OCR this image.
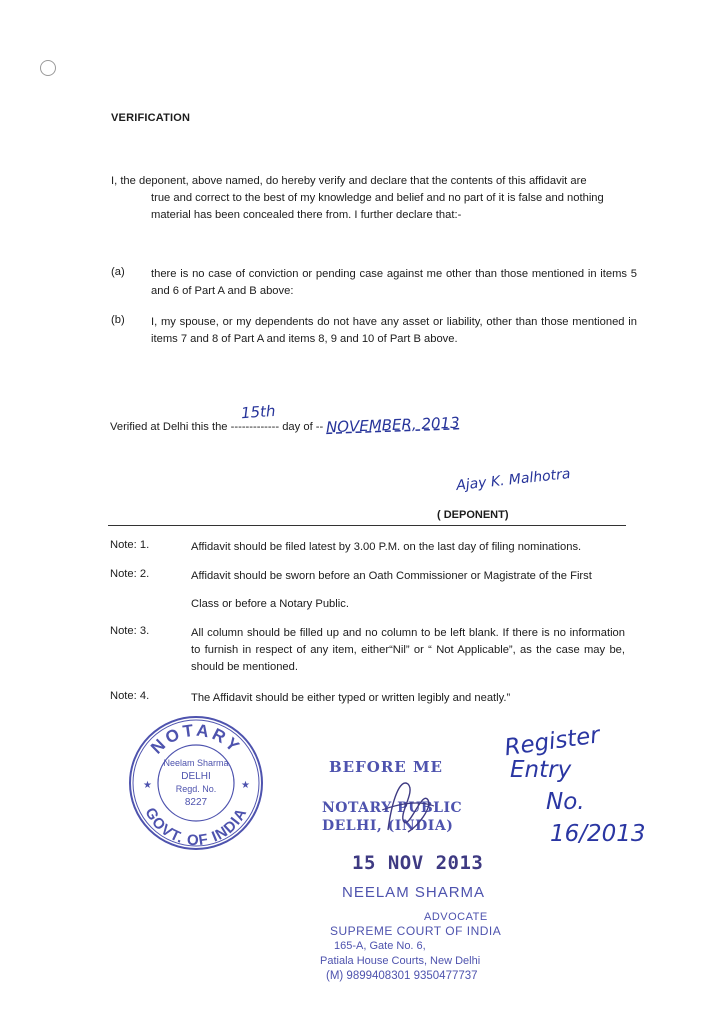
VERIFICATION
I, the deponent, above named, do hereby verify and declare that the contents of this affidavit are
true and correct to the best of my knowledge and belief and no part of it is false and nothing
material has been concealed there from. I further declare that:-
(a) there is no case of conviction or pending case against me other than those mentioned in items 5 and 6 of Part A and B above:
(b) I, my spouse, or my dependents do not have any asset or liability, other than those mentioned in items 7 and 8 of Part A and items 8, 9 and 10 of Part B above.
Verified at Delhi this the -------------
15th
day of -- NOVEMBER, 2013
Ajay K. Malhotra
( DEPONENT)
Note: 1.	Affidavit should be filed latest by 3.00 P.M. on the last day of filing nominations.
Note: 2.	Affidavit should be sworn before an Oath Commissioner or Magistrate of the First
Class or before a Notary Public.
Note: 3.	All column should be filled up and no column to be left blank. If there is no information to furnish in respect of any item, either“Nil” or “ Not Applicable”, as the case may be, should be mentioned.
Note: 4.	The Affidavit should be either typed or written legibly and neatly.”
NOTARY
GOVT. OF INDIA
★	★
Neelam Sharma
DELHI
Regd. No.
8227
BEFORE ME
NOTARY PUBLIC
DELHI, (INDIA)
15 NOV 2013
NEELAM SHARMA
ADVOCATE
SUPREME COURT OF INDIA
165-A, Gate No. 6,
Patiala House Courts, New Delhi
(M) 9899408301 9350477737
Register
Entry
No.
16/2013
